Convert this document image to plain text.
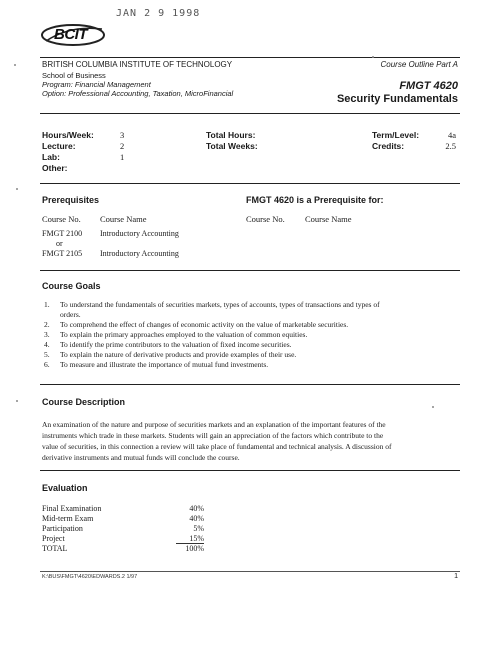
JAN 2 9 1998
BCIT
BRITISH COLUMBIA INSTITUTE OF TECHNOLOGY
School of Business
Program: Financial Management
Option: Professional Accounting, Taxation, MicroFinancial
Course Outline Part A
FMGT 4620
Security Fundamentals
Hours/Week:	3
Lecture:	2
Lab:	1
Other:
Total Hours:
Total Weeks:
Term/Level:	4a
Credits:	2.5
Prerequisites
Course No. Course Name
FMGT 2100 Introductory Accounting
or
FMGT 2105 Introductory Accounting
FMGT 4620 is a Prerequisite for:
Course No. Course Name
Course Goals
1. To understand the fundamentals of securities markets, types of accounts, types of transactions and types of
orders.
2. To comprehend the effect of changes of economic activity on the value of marketable securities.
3. To explain the primary approaches employed to the valuation of common equities.
4. To identify the prime contributors to the valuation of fixed income securities.
5. To explain the nature of derivative products and provide examples of their use.
6. To measure and illustrate the importance of mutual fund investments.
Course Description
An examination of the nature and purpose of securities markets and an explanation of the important features of the
instruments which trade in these markets. Students will gain an appreciation of the factors which contribute to the
value of securities, in this connection a review will take place of fundamental and technical analysis. A discussion of
derivative instruments and mutual funds will conclude the course.
Evaluation
Final Examination	40%
Mid-term Exam	40%
Participation	5%
Project	15%
TOTAL	100%
K:\BUS\FMGT\4620\EDWARDS.2 1/97	1
